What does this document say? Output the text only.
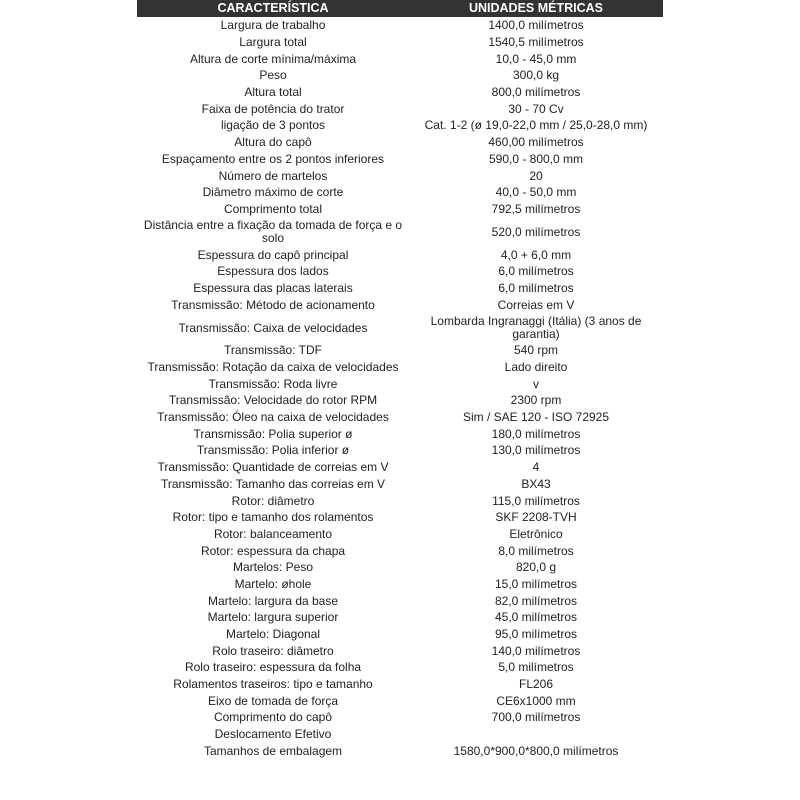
CARACTERÍSTICA	UNIDADES MÉTRICAS
Largura de trabalho	1400,0 milímetros
Largura total	1540,5 milímetros
Altura de corte mínima/máxima	10,0 - 45,0 mm
Peso	300,0 kg
Altura total	800,0 milímetros
Faixa de potência do trator	30 - 70 Cv
ligação de 3 pontos	Cat. 1-2 (ø 19,0-22,0 mm / 25,0-28,0 mm)
Altura do capô	460,00 milímetros
Espaçamento entre os 2 pontos inferiores	590,0 - 800,0 mm
Número de martelos	20
Diâmetro máximo de corte	40,0 - 50,0 mm
Comprimento total	792,5 milímetros
Distância entre a fixação da tomada de força e o solo	520,0 milímetros
Espessura do capô principal	4,0 + 6,0 mm
Espessura dos lados	6,0 milímetros
Espessura das placas laterais	6,0 milímetros
Transmissão: Método de acionamento	Correias em V
Transmissão: Caixa de velocidades	Lombarda Ingranaggi (Itália) (3 anos de garantia)
Transmissão: TDF	540 rpm
Transmissão: Rotação da caixa de velocidades	Lado direito
Transmissão: Roda livre	v
Transmissão: Velocidade do rotor RPM	2300 rpm
Transmissão: Óleo na caixa de velocidades	Sim / SAE 120 - ISO 72925
Transmissão: Polia superior ø	180,0 milímetros
Transmissão: Polia inferior ø	130,0 milímetros
Transmissão: Quantidade de correias em V	4
Transmissão: Tamanho das correias em V	BX43
Rotor: diâmetro	115,0 milímetros
Rotor: tipo e tamanho dos rolamentos	SKF 2208-TVH
Rotor: balanceamento	Eletrônico
Rotor: espessura da chapa	8,0 milímetros
Martelos: Peso	820,0 g
Martelo: øhole	15,0 milímetros
Martelo: largura da base	82,0 milímetros
Martelo: largura superior	45,0 milímetros
Martelo: Diagonal	95,0 milímetros
Rolo traseiro: diâmetro	140,0 milímetros
Rolo traseiro: espessura da folha	5,0 milímetros
Rolamentos traseiros: tipo e tamanho	FL206
Eixo de tomada de força	CE6x1000 mm
Comprimento do capô	700,0 milímetros
Deslocamento Efetivo	
Tamanhos de embalagem	1580,0*900,0*800,0 milímetros
